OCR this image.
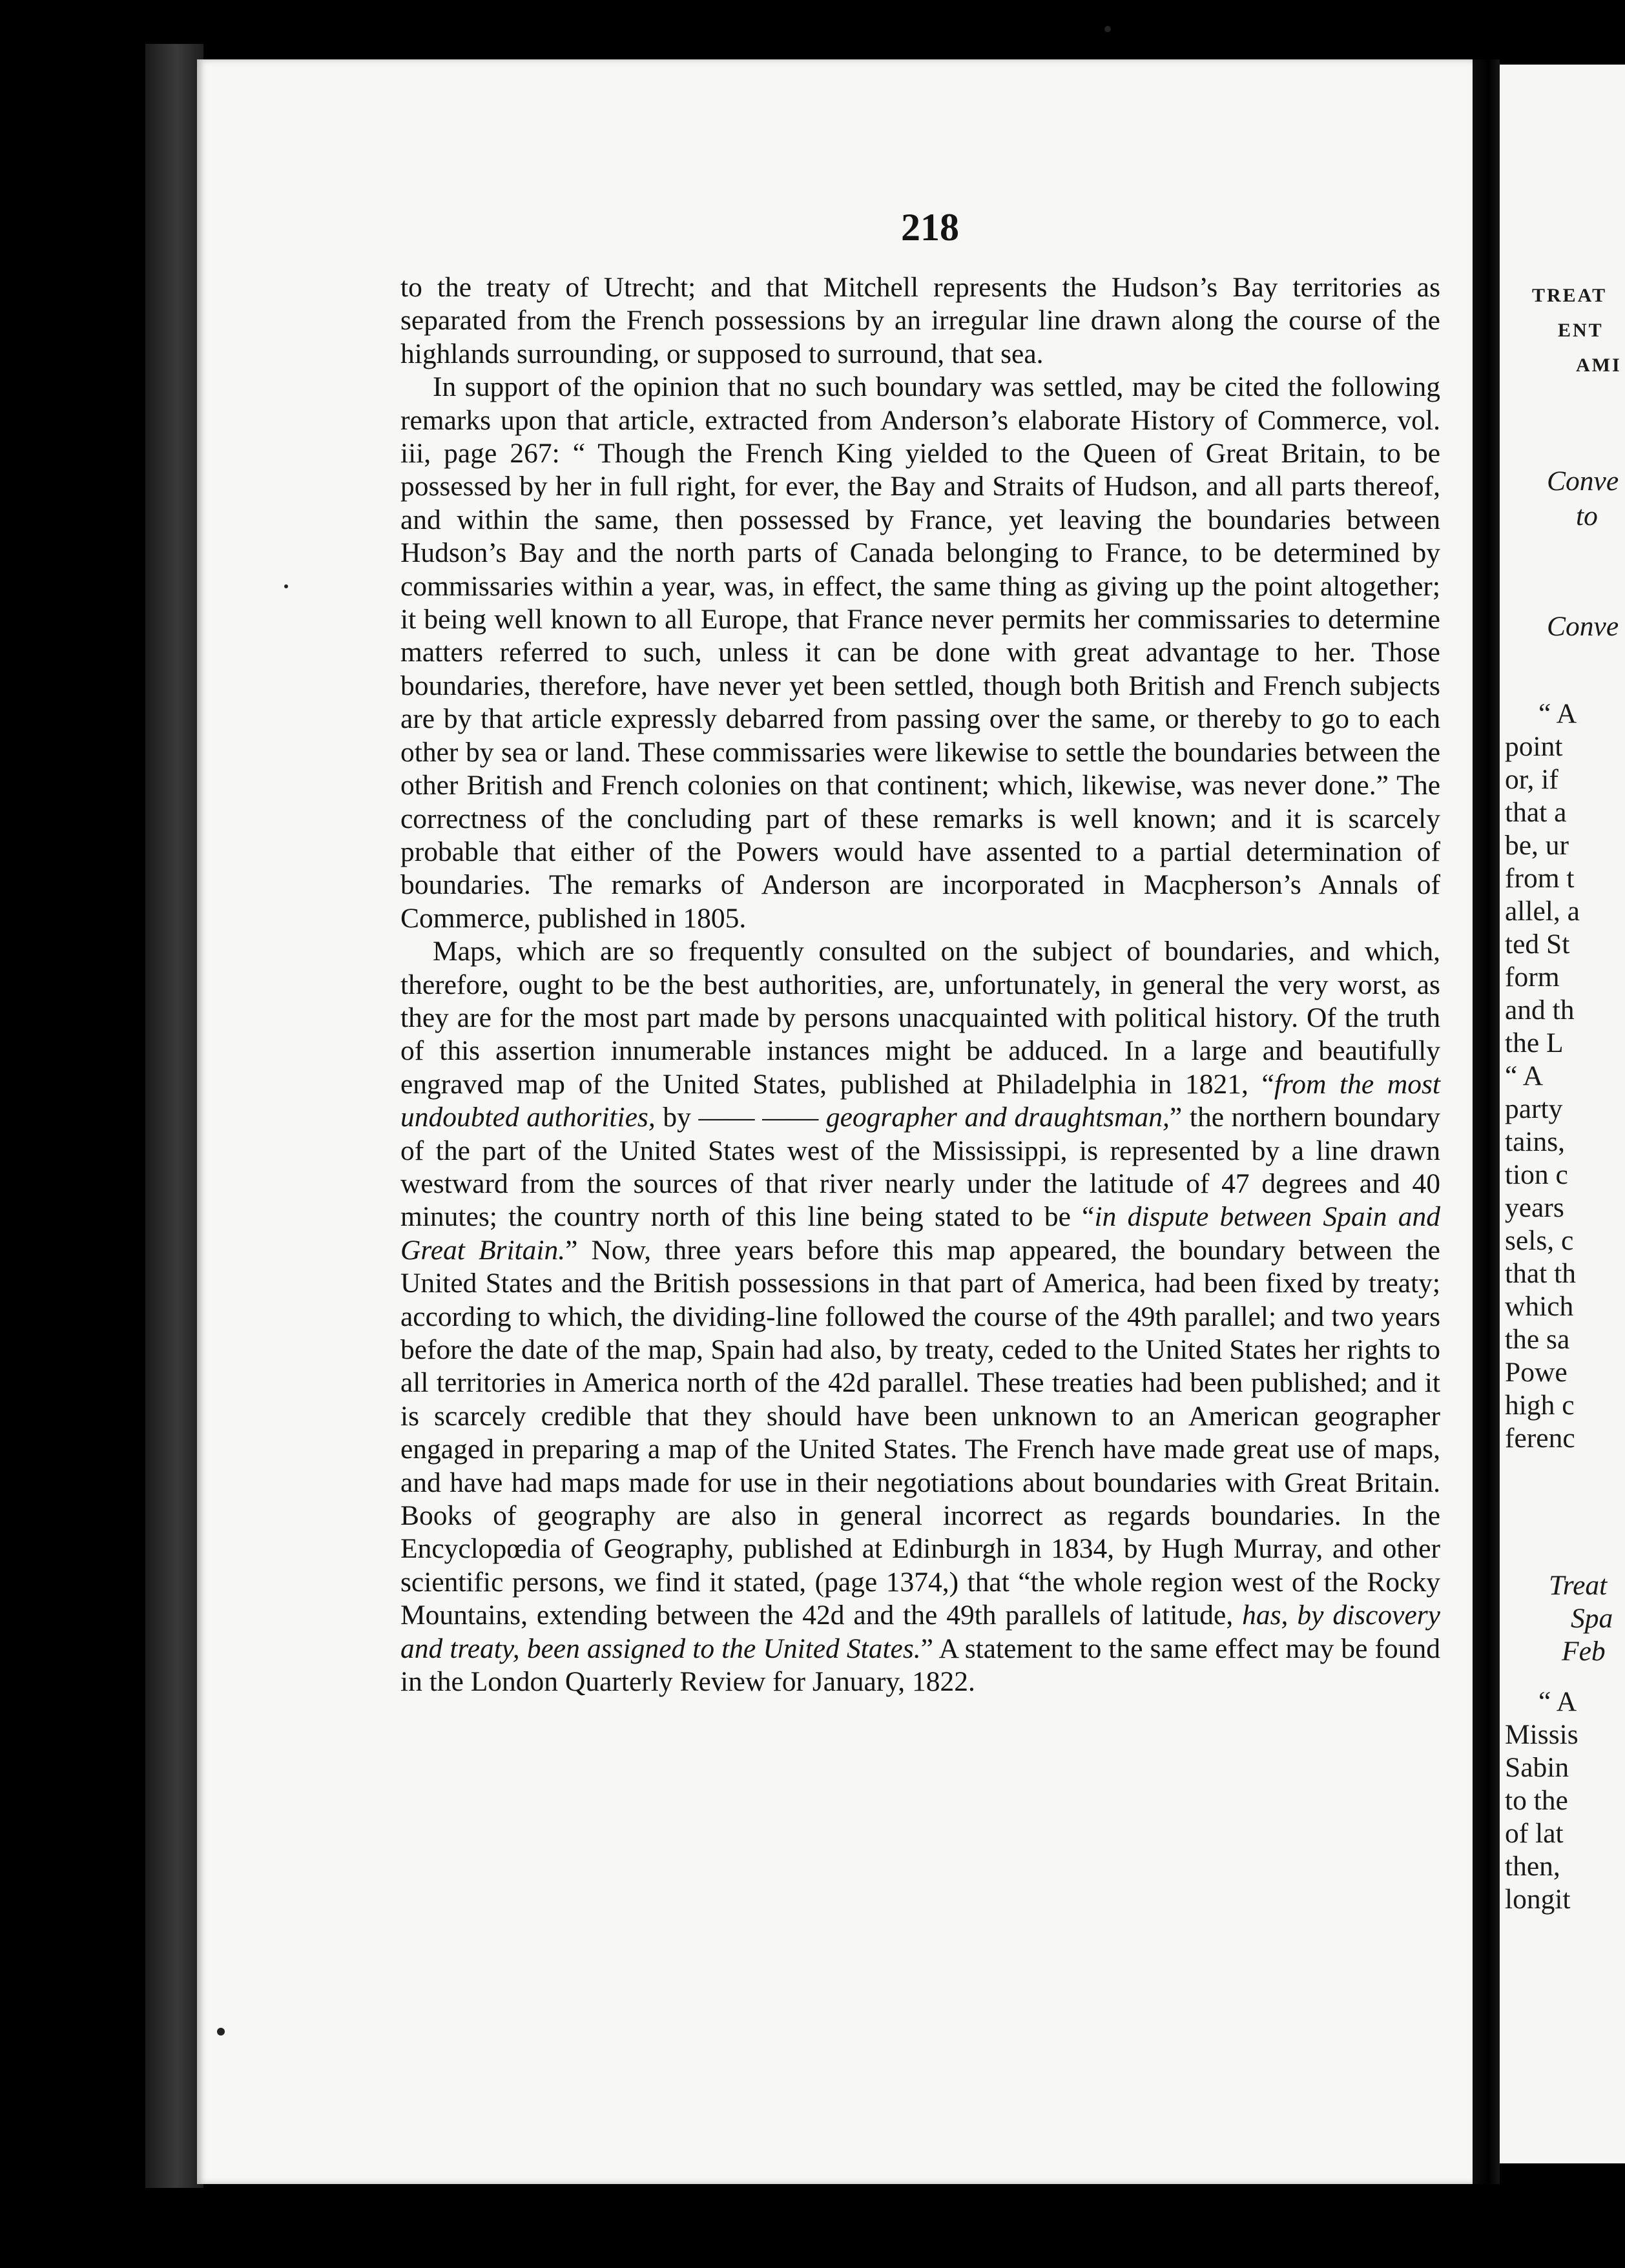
218

to the treaty of Utrecht; and that Mitchell represents the Hudson’s Bay territories as separated from the French possessions by an irregular line drawn along the course of the highlands surrounding, or supposed to surround, that sea.

In support of the opinion that no such boundary was settled, may be cited the following remarks upon that article, extracted from Anderson’s elaborate History of Commerce, vol. iii, page 267: “ Though the French King yielded to the Queen of Great Britain, to be possessed by her in full right, for ever, the Bay and Straits of Hudson, and all parts thereof, and within the same, then possessed by France, yet leaving the boundaries between Hudson’s Bay and the north parts of Canada belonging to France, to be determined by commissaries within a year, was, in effect, the same thing as giving up the point altogether; it being well known to all Europe, that France never permits her commissaries to determine matters referred to such, unless it can be done with great advantage to her. Those boundaries, therefore, have never yet been settled, though both British and French subjects are by that article expressly debarred from passing over the same, or thereby to go to each other by sea or land. These commissaries were likewise to settle the boundaries between the other British and French colonies on that continent; which, likewise, was never done.” The correctness of the concluding part of these remarks is well known; and it is scarcely probable that either of the Powers would have assented to a partial determination of boundaries. The remarks of Anderson are incorporated in Macpherson’s Annals of Commerce, published in 1805.

Maps, which are so frequently consulted on the subject of boundaries, and which, therefore, ought to be the best authorities, are, unfortunately, in general the very worst, as they are for the most part made by persons unacquainted with political history. Of the truth of this assertion innumerable instances might be adduced. In a large and beautifully engraved map of the United States, published at Philadelphia in 1821, “from the most undoubted authorities, by —— —— geographer and draughtsman,” the northern boundary of the part of the United States west of the Mississippi, is represented by a line drawn westward from the sources of that river nearly under the latitude of 47 degrees and 40 minutes; the country north of this line being stated to be “in dispute between Spain and Great Britain.” Now, three years before this map appeared, the boundary between the United States and the British possessions in that part of America, had been fixed by treaty; according to which, the dividing-line followed the course of the 49th parallel; and two years before the date of the map, Spain had also, by treaty, ceded to the United States her rights to all territories in America north of the 42d parallel. These treaties had been published; and it is scarcely credible that they should have been unknown to an American geographer engaged in preparing a map of the United States. The French have made great use of maps, and have had maps made for use in their negotiations about boundaries with Great Britain. Books of geography are also in general incorrect as regards boundaries. In the Encyclopœdia of Geography, published at Edinburgh in 1834, by Hugh Murray, and other scientific persons, we find it stated, (page 1374,) that “the whole region west of the Rocky Mountains, extending between the 42d and the 49th parallels of latitude, has, by discovery and treaty, been assigned to the United States.” A statement to the same effect may be found in the London Quarterly Review for January, 1822.

TREAT
ENT
AMI
Conve
to
Conve
“ A
point
or, if
that a
be, ur
from t
allel, a
ted St
form
and th
the L
“ A
party
tains,
tion c
years
sels, c
that th
which
the sa
Powe
high c
ferenc
Treat
Spa
Feb
“ A
Missis
Sabin
to the
of lat
then,
longit
